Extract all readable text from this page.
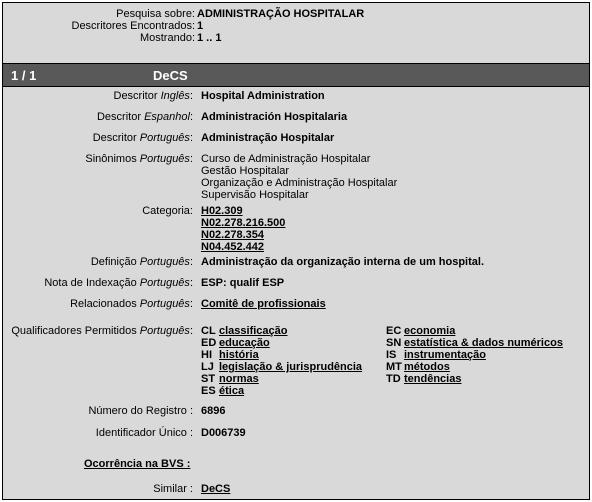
Pesquisa sobre: ADMINISTRAÇÃO HOSPITALAR
Descritores Encontrados: 1
Mostrando: 1 .. 1
1 / 1	DeCS
Descritor Inglês: Hospital Administration
Descritor Espanhol: Administración Hospitalaria
Descritor Português: Administração Hospitalar
Sinônimos Português: Curso de Administração Hospitalar
Gestão Hospitalar
Organização e Administração Hospitalar
Supervisão Hospitalar
Categoria: H02.309
N02.278.216.500
N02.278.354
N04.452.442
Definição Português: Administração da organização interna de um hospital.
Nota de Indexação Português: ESP: qualif ESP
Relacionados Português: Comitê de profissionais
Qualificadores Permitidos Português: CL classificação
ED educação
HI história
LJ legislação & jurisprudência
ST normas
ES ética
EC economia
SN estatística & dados numéricos
IS instrumentação
MT métodos
TD tendências
Número do Registro : 6896
Identificador Único : D006739
Ocorrência na BVS :
Similar : DeCS
